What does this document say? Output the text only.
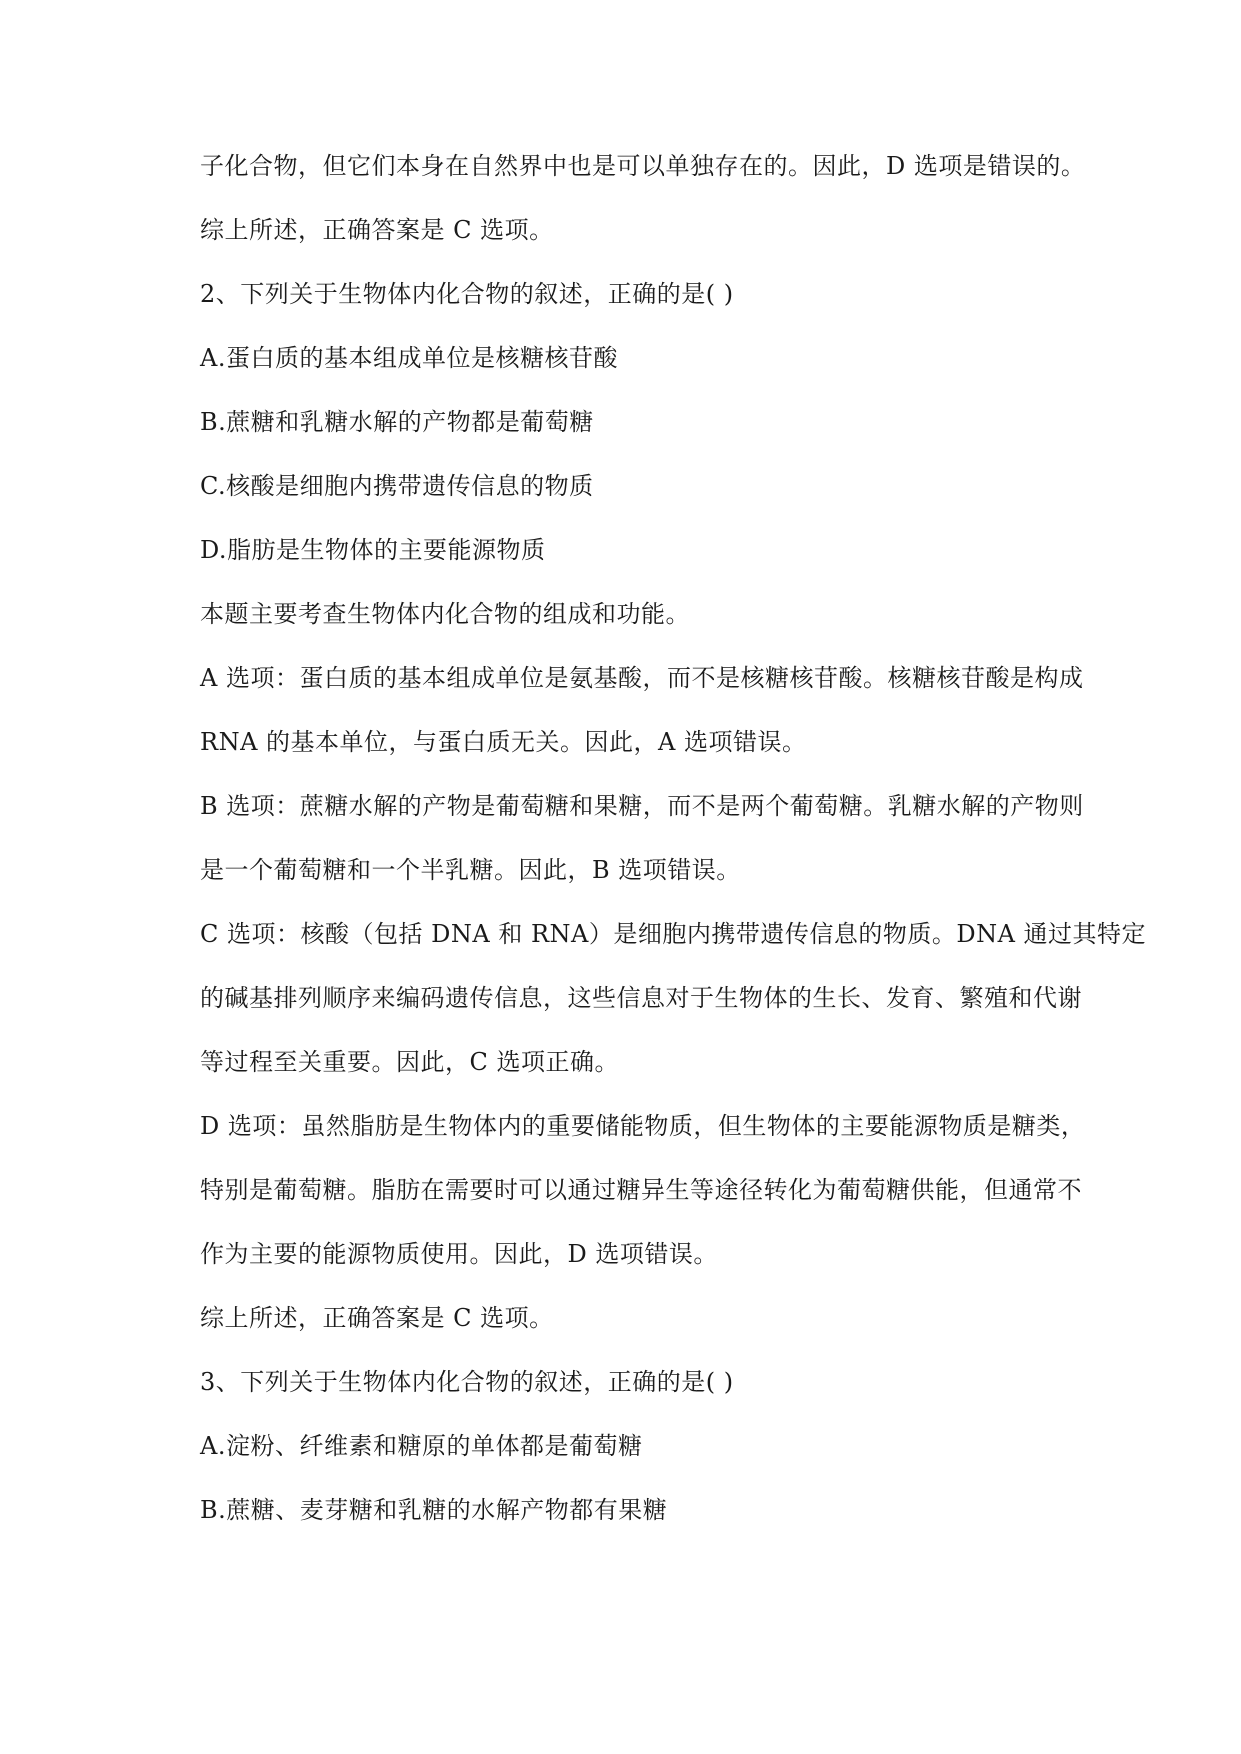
子化合物，但它们本身在自然界中也是可以单独存在的。因此，D 选项是错误的。
综上所述，正确答案是 C 选项。
2、下列关于生物体内化合物的叙述，正确的是( )
A.蛋白质的基本组成单位是核糖核苷酸
B.蔗糖和乳糖水解的产物都是葡萄糖
C.核酸是细胞内携带遗传信息的物质
D.脂肪是生物体的主要能源物质
本题主要考查生物体内化合物的组成和功能。
A 选项：蛋白质的基本组成单位是氨基酸，而不是核糖核苷酸。核糖核苷酸是构成
RNA 的基本单位，与蛋白质无关。因此，A 选项错误。
B 选项：蔗糖水解的产物是葡萄糖和果糖，而不是两个葡萄糖。乳糖水解的产物则
是一个葡萄糖和一个半乳糖。因此，B 选项错误。
C 选项：核酸（包括 DNA 和 RNA）是细胞内携带遗传信息的物质。DNA 通过其特定
的碱基排列顺序来编码遗传信息，这些信息对于生物体的生长、发育、繁殖和代谢
等过程至关重要。因此，C 选项正确。
D 选项：虽然脂肪是生物体内的重要储能物质，但生物体的主要能源物质是糖类，
特别是葡萄糖。脂肪在需要时可以通过糖异生等途径转化为葡萄糖供能，但通常不
作为主要的能源物质使用。因此，D 选项错误。
综上所述，正确答案是 C 选项。
3、下列关于生物体内化合物的叙述，正确的是( )
A.淀粉、纤维素和糖原的单体都是葡萄糖
B.蔗糖、麦芽糖和乳糖的水解产物都有果糖
